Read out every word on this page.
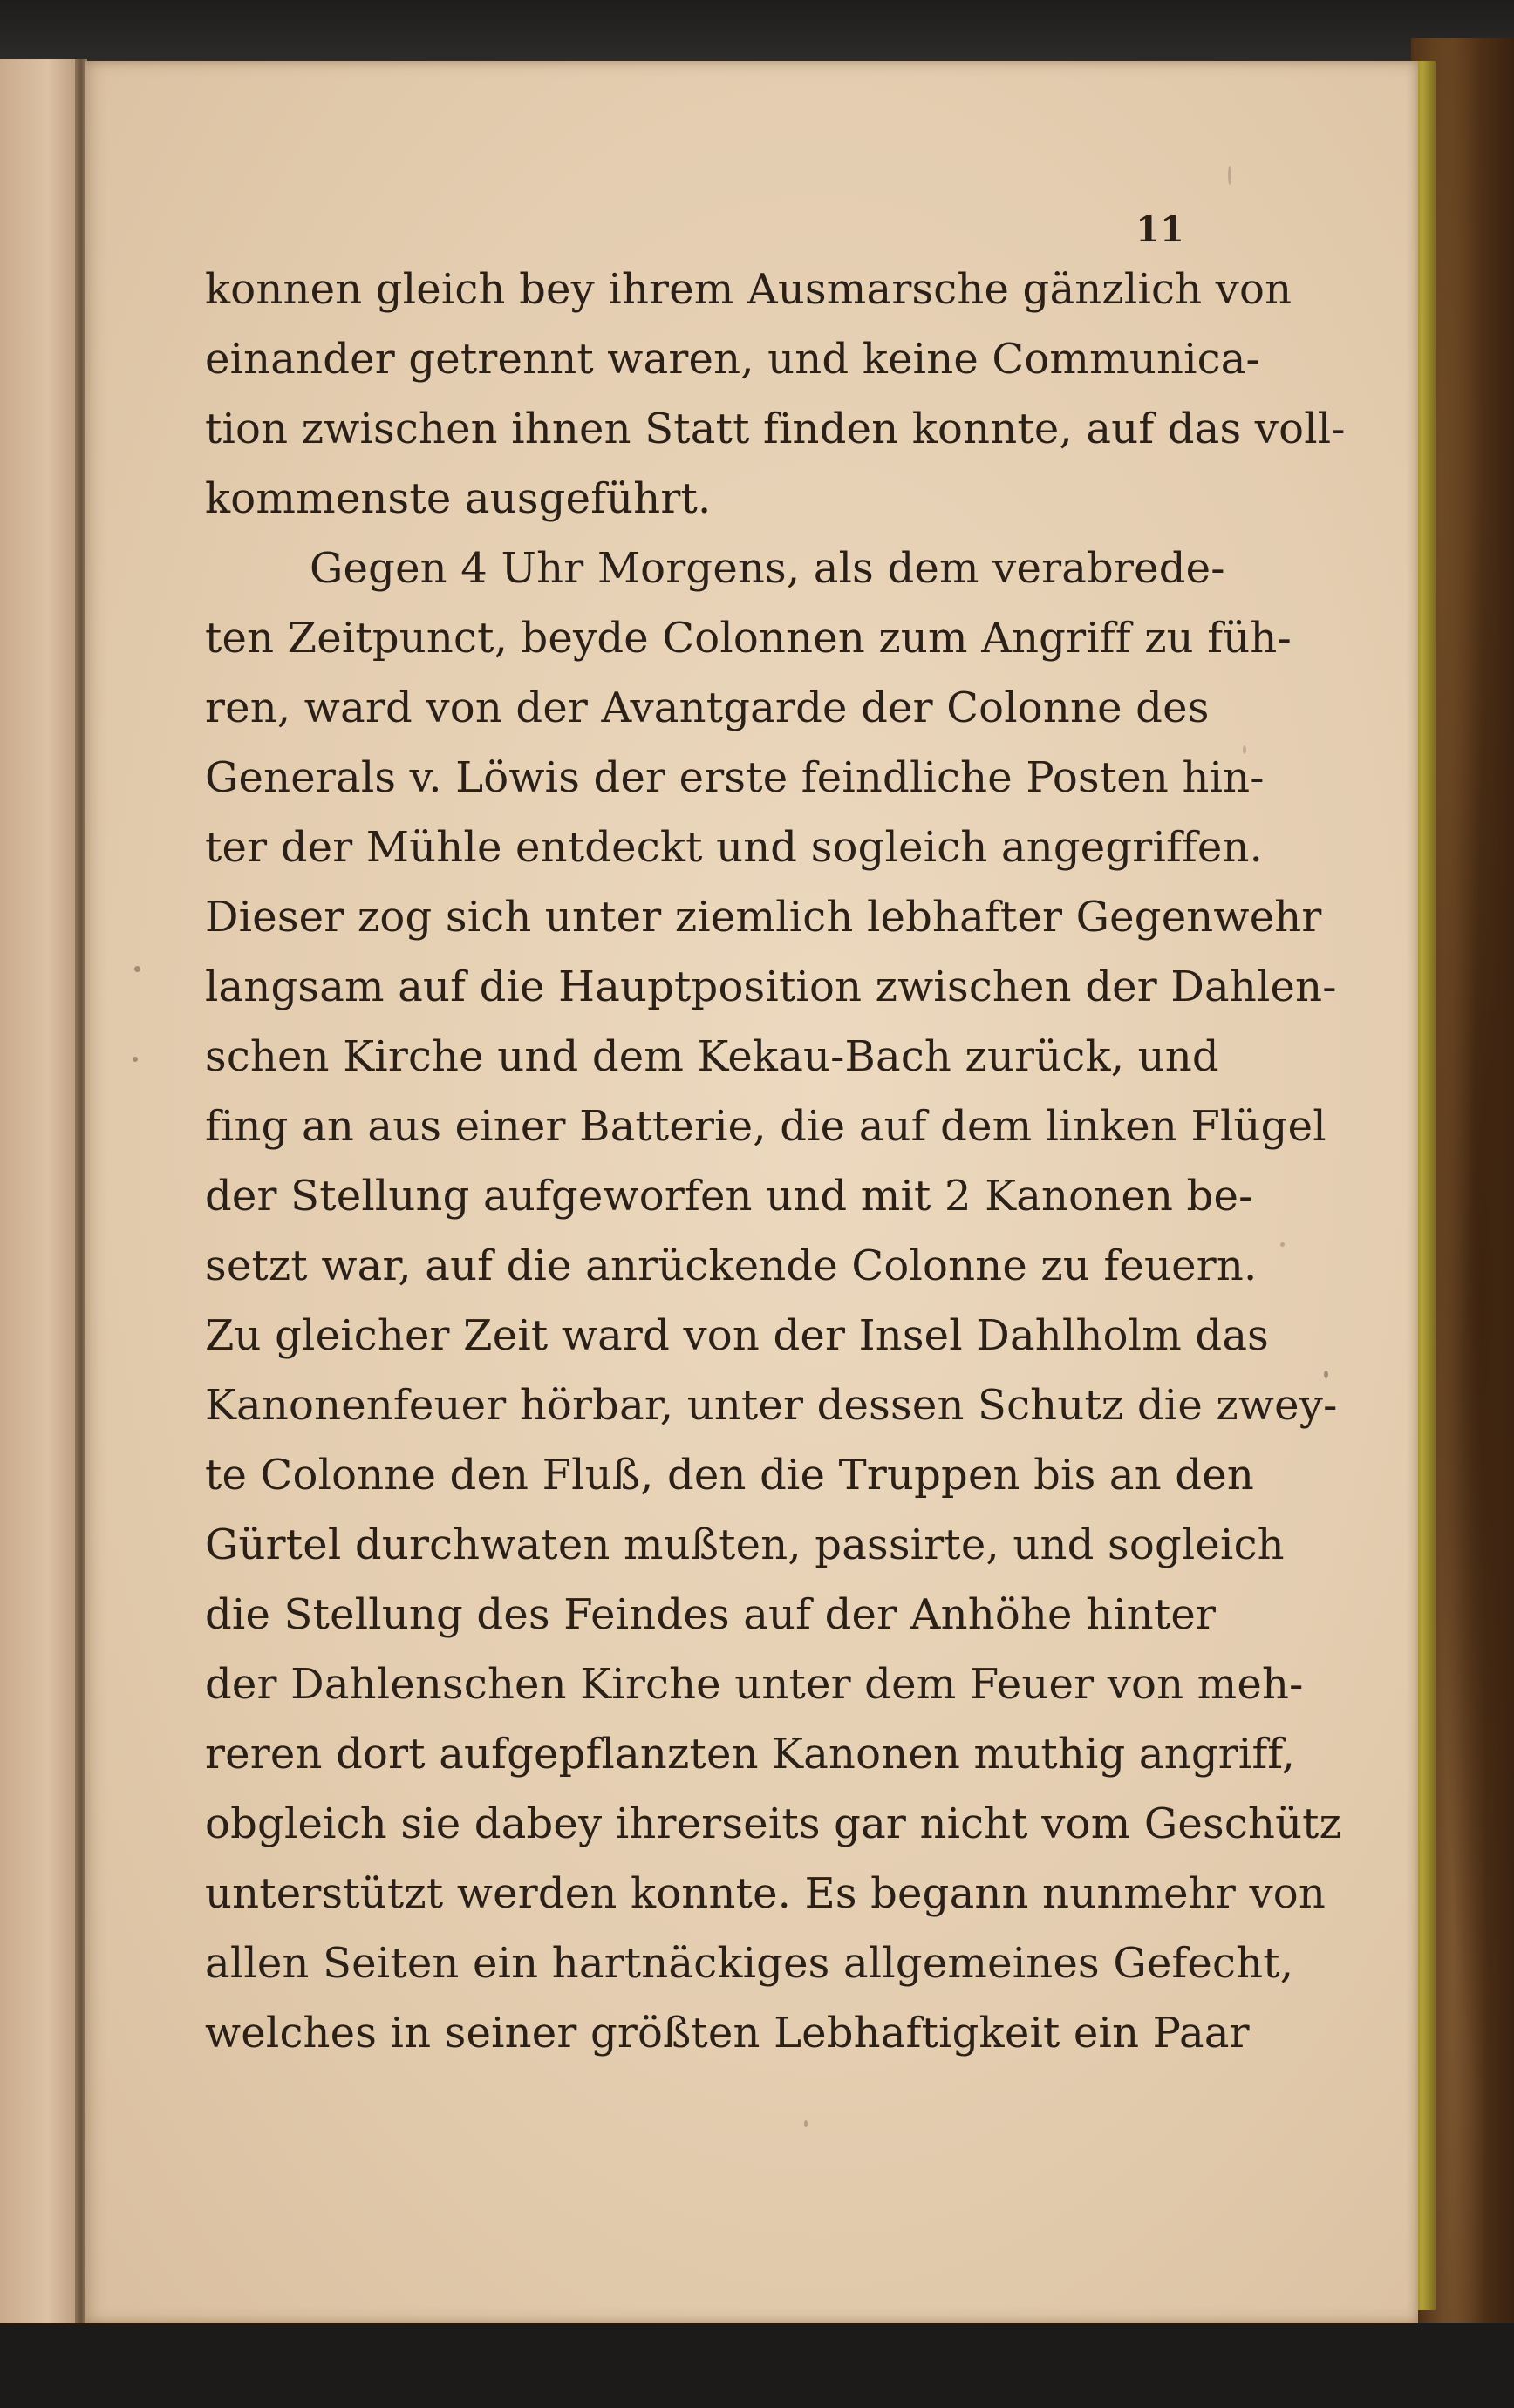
11
konnen gleich bey ihrem Ausmarsche gänzlich von
einander getrennt waren, und keine Communica-
tion zwischen ihnen Statt finden konnte, auf das voll-
kommenste ausgeführt.
Gegen 4 Uhr Morgens, als dem verabrede-
ten Zeitpunct, beyde Colonnen zum Angriff zu füh-
ren, ward von der Avantgarde der Colonne des
Generals v. Löwis der erste feindliche Posten hin-
ter der Mühle entdeckt und sogleich angegriffen.
Dieser zog sich unter ziemlich lebhafter Gegenwehr
langsam auf die Hauptposition zwischen der Dahlen-
schen Kirche und dem Kekau-Bach zurück, und
fing an aus einer Batterie, die auf dem linken Flügel
der Stellung aufgeworfen und mit 2 Kanonen be-
setzt war, auf die anrückende Colonne zu feuern.
Zu gleicher Zeit ward von der Insel Dahlholm das
Kanonenfeuer hörbar, unter dessen Schutz die zwey-
te Colonne den Fluß, den die Truppen bis an den
Gürtel durchwaten mußten, passirte, und sogleich
die Stellung des Feindes auf der Anhöhe hinter
der Dahlenschen Kirche unter dem Feuer von meh-
reren dort aufgepflanzten Kanonen muthig angriff,
obgleich sie dabey ihrerseits gar nicht vom Geschütz
unterstützt werden konnte. Es begann nunmehr von
allen Seiten ein hartnäckiges allgemeines Gefecht,
welches in seiner größten Lebhaftigkeit ein Paar
